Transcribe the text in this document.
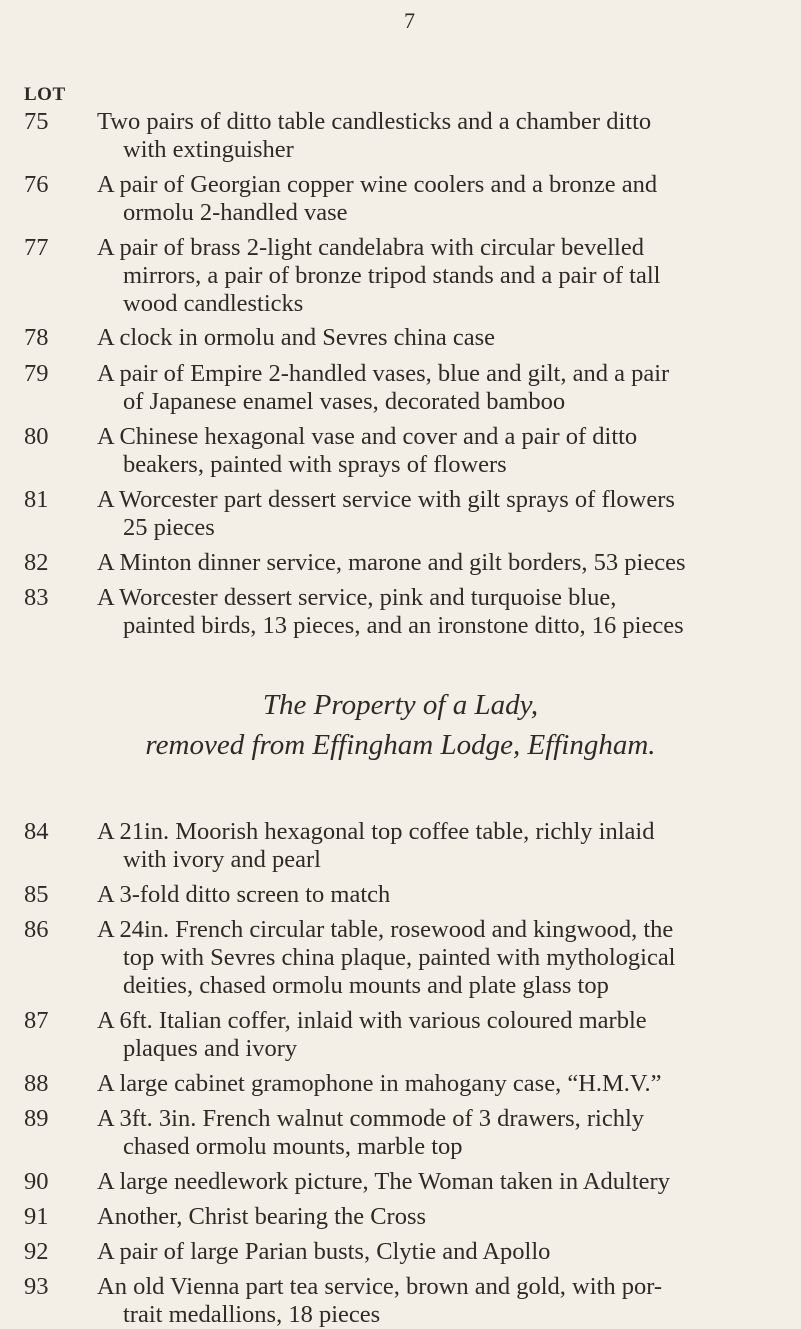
7
LOT
75 Two pairs of ditto table candlesticks and a chamber ditto
with extinguisher
76 A pair of Georgian copper wine coolers and a bronze and
ormolu 2-handled vase
77 A pair of brass 2-light candelabra with circular bevelled
mirrors, a pair of bronze tripod stands and a pair of tall
wood candlesticks
78 A clock in ormolu and Sevres china case
79 A pair of Empire 2-handled vases, blue and gilt, and a pair
of Japanese enamel vases, decorated bamboo
80 A Chinese hexagonal vase and cover and a pair of ditto
beakers, painted with sprays of flowers
81 A Worcester part dessert service with gilt sprays of flowers
25 pieces
82 A Minton dinner service, marone and gilt borders, 53 pieces
83 A Worcester dessert service, pink and turquoise blue,
painted birds, 13 pieces, and an ironstone ditto, 16 pieces
The Property of a Lady,
removed from Effingham Lodge, Effingham.
84 A 21in. Moorish hexagonal top coffee table, richly inlaid
with ivory and pearl
85 A 3-fold ditto screen to match
86 A 24in. French circular table, rosewood and kingwood, the
top with Sevres china plaque, painted with mythological
deities, chased ormolu mounts and plate glass top
87 A 6ft. Italian coffer, inlaid with various coloured marble
plaques and ivory
88 A large cabinet gramophone in mahogany case, “H.M.V.”
89 A 3ft. 3in. French walnut commode of 3 drawers, richly
chased ormolu mounts, marble top
90 A large needlework picture, The Woman taken in Adultery
91 Another, Christ bearing the Cross
92 A pair of large Parian busts, Clytie and Apollo
93 An old Vienna part tea service, brown and gold, with por-
trait medallions, 18 pieces
